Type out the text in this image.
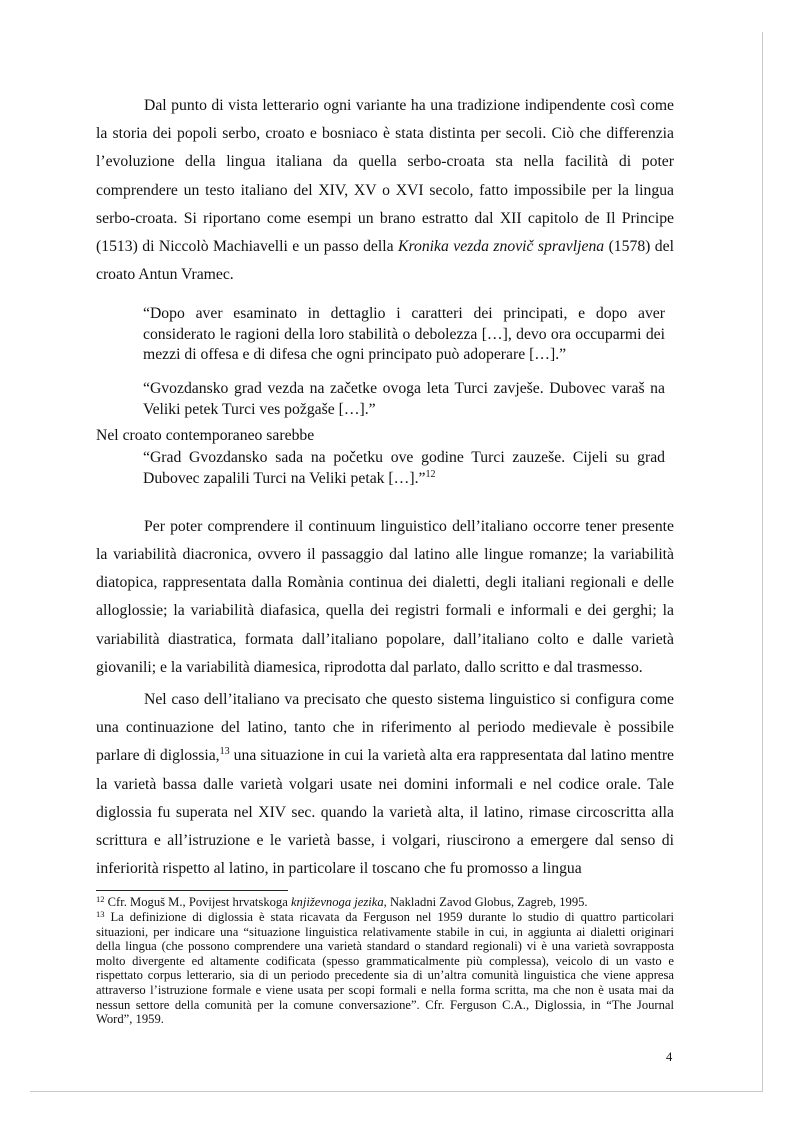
Dal punto di vista letterario ogni variante ha una tradizione indipendente così come la storia dei popoli serbo, croato e bosniaco è stata distinta per secoli. Ciò che differenzia l’evoluzione della lingua italiana da quella serbo-croata sta nella facilità di poter comprendere un testo italiano del XIV, XV o XVI secolo, fatto impossibile per la lingua serbo-croata. Si riportano come esempi un brano estratto dal XII capitolo de Il Principe (1513) di Niccolò Machiavelli e un passo della Kronika vezda znovič spravljena (1578) del croato Antun Vramec.

“Dopo aver esaminato in dettaglio i caratteri dei principati, e dopo aver considerato le ragioni della loro stabilità o debolezza […], devo ora occuparmi dei mezzi di offesa e di difesa che ogni principato può adoperare […].”

“Gvozdansko grad vezda na začetke ovoga leta Turci zavješe. Dubovec varaš na Veliki petek Turci ves požgaše […].”

Nel croato contemporaneo sarebbe

“Grad Gvozdansko sada na početku ove godine Turci zauzeše. Cijeli su grad Dubovec zapalili Turci na Veliki petak […].”$^{12}$

Per poter comprendere il continuum linguistico dell’italiano occorre tener presente la variabilità diacronica, ovvero il passaggio dal latino alle lingue romanze; la variabilità diatopica, rappresentata dalla Romània continua dei dialetti, degli italiani regionali e delle alloglossie; la variabilità diafasica, quella dei registri formali e informali e dei gerghi; la variabilità diastratica, formata dall’italiano popolare, dall’italiano colto e dalle varietà giovanili; e la variabilità diamesica, riprodotta dal parlato, dallo scritto e dal trasmesso.

Nel caso dell’italiano va precisato che questo sistema linguistico si configura come una continuazione del latino, tanto che in riferimento al periodo medievale è possibile parlare di diglossia,$^{13}$ una situazione in cui la varietà alta era rappresentata dal latino mentre la varietà bassa dalle varietà volgari usate nei domini informali e nel codice orale. Tale diglossia fu superata nel XIV sec. quando la varietà alta, il latino, rimase circoscritta alla scrittura e all’istruzione e le varietà basse, i volgari, riuscirono a emergere dal senso di inferiorità rispetto al latino, in particolare il toscano che fu promosso a lingua

$^{12}$ Cfr. Moguš M., Povijest hrvatskoga književnoga jezika, Nakladni Zavod Globus, Zagreb, 1995.

$^{13}$ La definizione di diglossia è stata ricavata da Ferguson nel 1959 durante lo studio di quattro particolari situazioni, per indicare una “situazione linguistica relativamente stabile in cui, in aggiunta ai dialetti originari della lingua (che possono comprendere una varietà standard o standard regionali) vi è una varietà sovrapposta molto divergente ed altamente codificata (spesso grammaticalmente più complessa), veicolo di un vasto e rispettato corpus letterario, sia di un periodo precedente sia di un’altra comunità linguistica che viene appresa attraverso l’istruzione formale e viene usata per scopi formali e nella forma scritta, ma che non è usata mai da nessun settore della comunità per la comune conversazione”. Cfr. Ferguson C.A., Diglossia, in “The Journal Word”, 1959.

4
